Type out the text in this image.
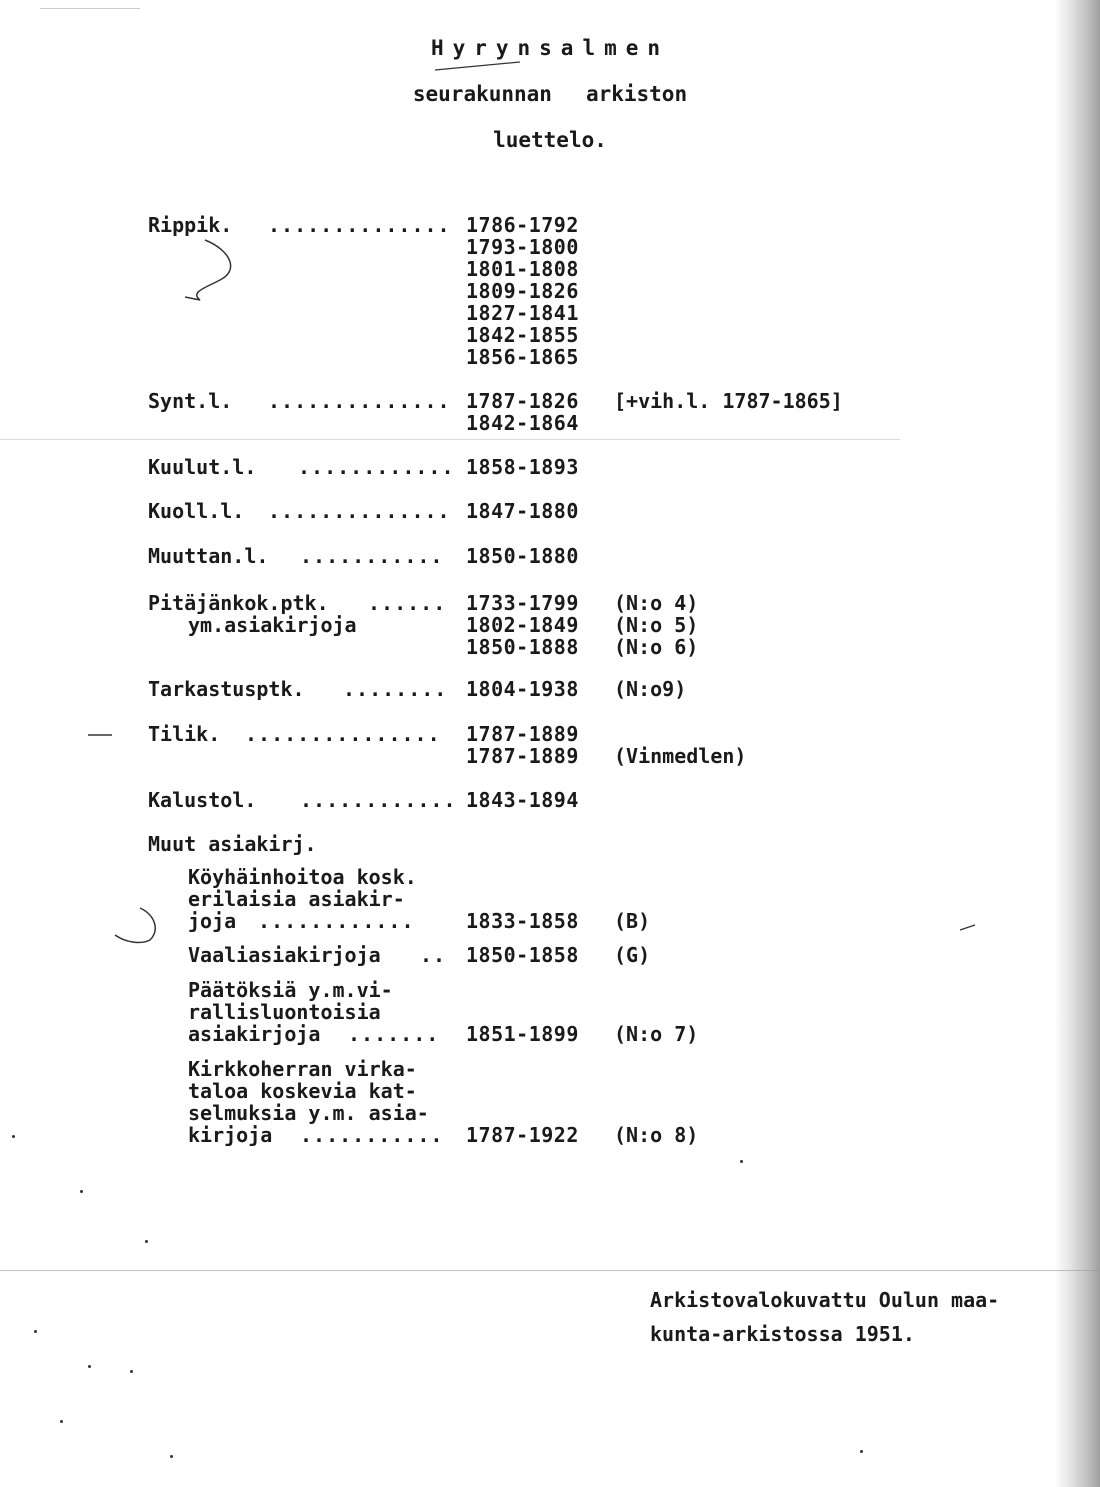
Hyrynsalmen
seurakunnan arkiston
luettelo.
Rippik. .............. 1786-1792
1793-1800
1801-1808
1809-1826
1827-1841
1842-1855
1856-1865
Synt.l. .............. 1787-1826 [+vih.l. 1787-1865]
1842-1864
Kuulut.l. ............ 1858-1893
Kuoll.l. .............. 1847-1880
Muuttan.l. ........... 1850-1880
Pitäjänkok.ptk. ...... 1733-1799 (N:o 4)
ym.asiakirjoja	1802-1849 (N:o 5)
1850-1888 (N:o 6)
Tarkastusptk. ........ 1804-1938 (N:o9)
Tilik. ............... 1787-1889
1787-1889 (Vinmedlen)
Kalustol. ............ 1843-1894
Muut asiakirj.
Köyhäinhoitoa kosk.
erilaisia asiakir-
joja ............	1833-1858 (B)
Vaaliasiakirjoja .. 1850-1858 (G)
Päätöksiä y.m.vi-
rallisluontoisia
asiakirjoja ....... 1851-1899 (N:o 7)
Kirkkoherran virka-
taloa koskevia kat-
selmuksia y.m. asia-
kirjoja ........... 1787-1922 (N:o 8)
Arkistovalokuvattu Oulun maa-
kunta-arkistossa 1951.
